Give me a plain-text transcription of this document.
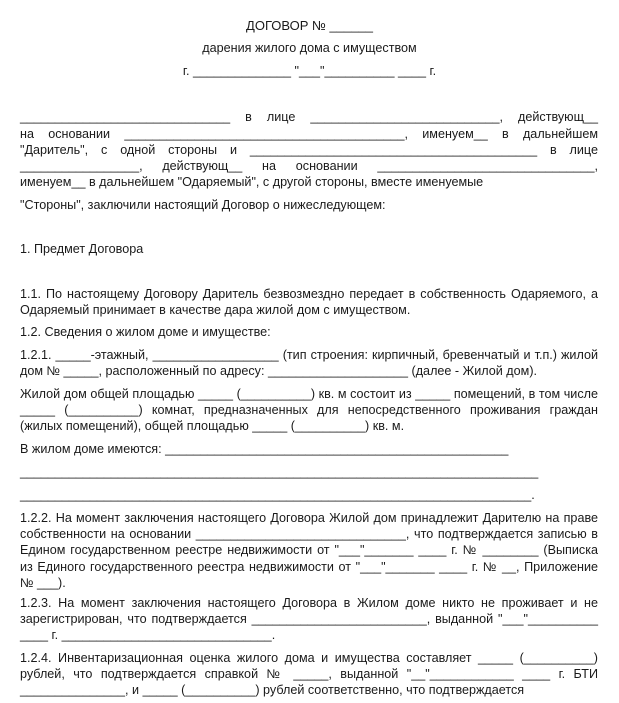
ДОГОВОР № ______
дарения жилого дома с имуществом
г. ______________ "___"__________ ____ г.
______________________________ в лице ___________________________, действующ__
на основании ________________________________________, именуем__ в дальнейшем
"Даритель", с одной стороны и _________________________________________ в лице
_________________, действующ__ на основании _______________________________,
именуем__ в дальнейшем "Одаряемый", с другой стороны, вместе именуемые
"Стороны", заключили настоящий Договор о нижеследующем:
1. Предмет Договора
1.1. По настоящему Договору Даритель безвозмездно передает в собственность Одаряемого, а Одаряемый принимает в качестве дара жилой дом с имуществом.
1.2. Сведения о жилом доме и имуществе:
1.2.1. _____-этажный, __________________ (тип строения: кирпичный, бревенчатый и т.п.) жилой дом № _____, расположенный по адресу: ____________________ (далее - Жилой дом).
Жилой дом общей площадью _____ (__________) кв. м состоит из _____ помещений, в том числе _____ (__________) комнат, предназначенных для непосредственного проживания граждан (жилых помещений), общей площадью _____ (__________) кв. м.
В жилом доме имеются: _________________________________________________
__________________________________________________________________________
_________________________________________________________________________.
1.2.2. На момент заключения настоящего Договора Жилой дом принадлежит Дарителю на праве собственности на основании ______________________________, что подтверждается записью в Едином государственном реестре недвижимости от "___"_______ ____ г. № ________ (Выписка из Единого государственного реестра недвижимости от "___"_______ ____ г. № __, Приложение № ___).
1.2.3. На момент заключения настоящего Договора в Жилом доме никто не проживает и не зарегистрирован, что подтверждается _________________________, выданной "___"__________ ____ г. ______________________________.
1.2.4. Инвентаризационная оценка жилого дома и имущества составляет _____ (__________) рублей, что подтверждается справкой № _____, выданной "__"____________ ____ г. БТИ _______________, и _____ (__________) рублей соответственно, что подтверждается
